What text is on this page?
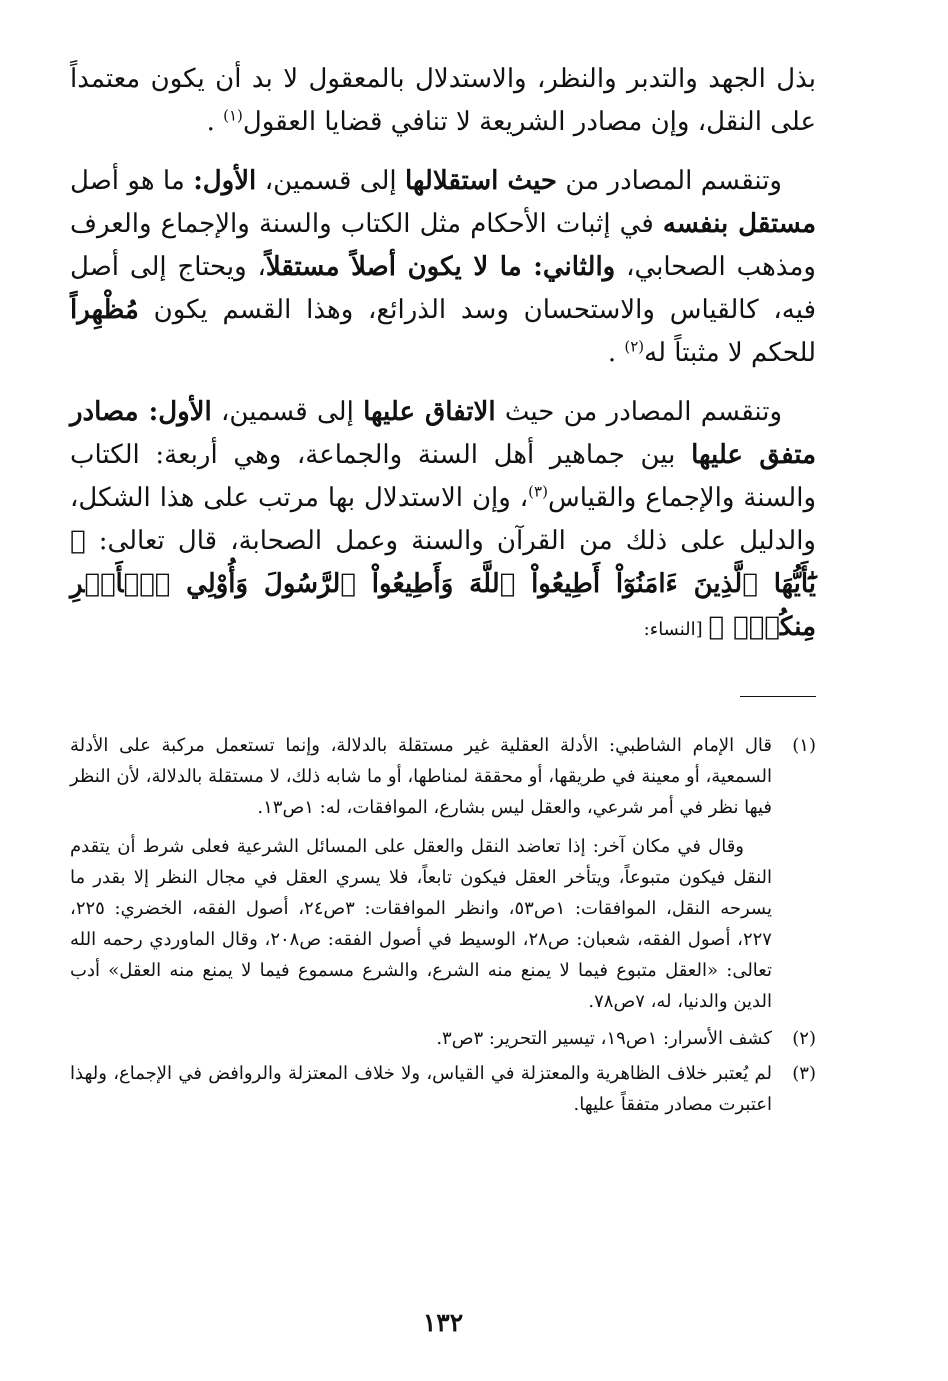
بذل الجهد والتدبر والنظر، والاستدلال بالمعقول لا بد أن يكون معتمداً على النقل، وإن مصادر الشريعة لا تنافي قضايا العقول$^{(١)}$ .

وتنقسم المصادر من حيث استقلالها إلى قسمين، الأول: ما هو أصل مستقل بنفسه في إثبات الأحكام مثل الكتاب والسنة والإجماع والعرف ومذهب الصحابي، والثاني: ما لا يكون أصلاً مستقلاً، ويحتاج إلى أصل فيه، كالقياس والاستحسان وسد الذرائع، وهذا القسم يكون مُظْهِراً للحكم لا مثبتاً له$^{(٢)}$ .

وتنقسم المصادر من حيث الاتفاق عليها إلى قسمين، الأول: مصادر متفق عليها بين جماهير أهل السنة والجماعة، وهي أربعة: الكتاب والسنة والإجماع والقياس$^{(٣)}$، وإن الاستدلال بها مرتب على هذا الشكل، والدليل على ذلك من القرآن والسنة وعمل الصحابة، قال تعالى: ﴿ يَٰٓأَيُّهَا ٱلَّذِينَ ءَامَنُوٓاْ أَطِيعُواْ ٱللَّهَ وَأَطِيعُواْ ٱلرَّسُولَ وَأُوْلِي ٱلۡأَمۡرِ مِنكُمۡۖ ﴾ [النساء:

(١)
قال الإمام الشاطبي: الأدلة العقلية غير مستقلة بالدلالة، وإنما تستعمل مركبة على الأدلة السمعية، أو معينة في طريقها، أو محققة لمناطها، أو ما شابه ذلك، لا مستقلة بالدلالة، لأن النظر فيها نظر في أمر شرعي، والعقل ليس بشارع، الموافقات، له: ١ص١٣.
وقال في مكان آخر: إذا تعاضد النقل والعقل على المسائل الشرعية فعلى شرط أن يتقدم النقل فيكون متبوعاً، ويتأخر العقل فيكون تابعاً، فلا يسري العقل في مجال النظر إلا بقدر ما يسرحه النقل، الموافقات: ١ص٥٣، وانظر الموافقات: ٣ص٢٤، أصول الفقه، الخضري: ٢٢٥، ٢٢٧، أصول الفقه، شعبان: ص٢٨، الوسيط في أصول الفقه: ص٢٠٨، وقال الماوردي رحمه الله تعالى: «العقل متبوع فيما لا يمنع منه الشرع، والشرع مسموع فيما لا يمنع منه العقل» أدب الدين والدنيا، له، ٧ص٧٨.
(٢)
كشف الأسرار: ١ص١٩، تيسير التحرير: ٣ص٣.
(٣)
لم يُعتبر خلاف الظاهرية والمعتزلة في القياس، ولا خلاف المعتزلة والروافض في الإجماع، ولهذا اعتبرت مصادر متفقاً عليها.
١٣٢
